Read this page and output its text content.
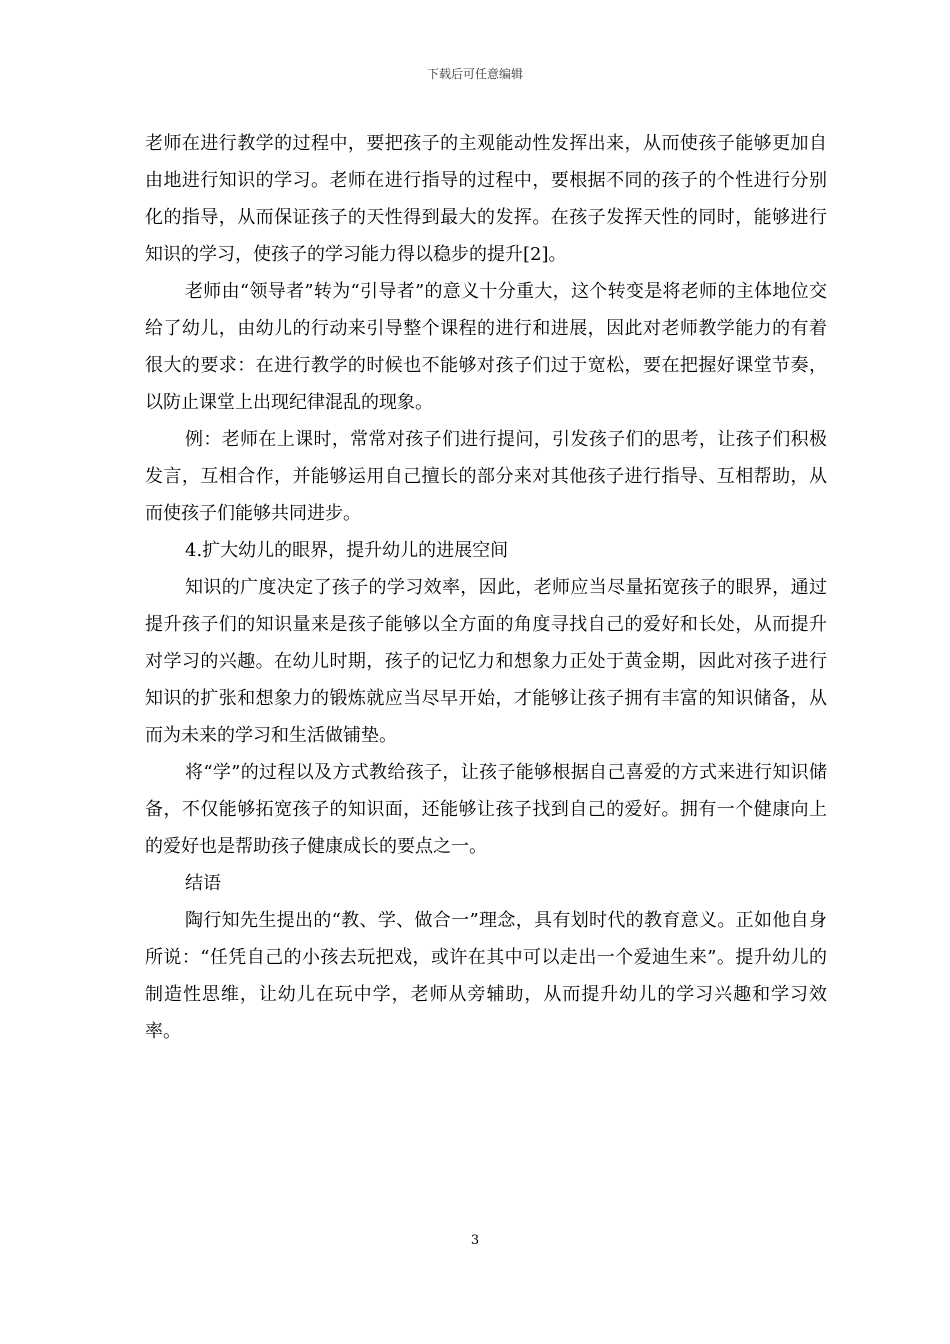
下载后可任意编辑

老师在进行教学的过程中，要把孩子的主观能动性发挥出来，从而使孩子能够更加自由地进行知识的学习。老师在进行指导的过程中，要根据不同的孩子的个性进行分别化的指导，从而保证孩子的天性得到最大的发挥。在孩子发挥天性的同时，能够进行知识的学习，使孩子的学习能力得以稳步的提升[2]。

老师由“领导者”转为“引导者”的意义十分重大，这个转变是将老师的主体地位交给了幼儿，由幼儿的行动来引导整个课程的进行和进展，因此对老师教学能力的有着很大的要求：在进行教学的时候也不能够对孩子们过于宽松，要在把握好课堂节奏，以防止课堂上出现纪律混乱的现象。

例：老师在上课时，常常对孩子们进行提问，引发孩子们的思考，让孩子们积极发言，互相合作，并能够运用自己擅长的部分来对其他孩子进行指导、互相帮助，从而使孩子们能够共同进步。

4.扩大幼儿的眼界，提升幼儿的进展空间

知识的广度决定了孩子的学习效率，因此，老师应当尽量拓宽孩子的眼界，通过提升孩子们的知识量来是孩子能够以全方面的角度寻找自己的爱好和长处，从而提升对学习的兴趣。在幼儿时期，孩子的记忆力和想象力正处于黄金期，因此对孩子进行知识的扩张和想象力的锻炼就应当尽早开始，才能够让孩子拥有丰富的知识储备，从而为未来的学习和生活做铺垫。

将“学”的过程以及方式教给孩子，让孩子能够根据自己喜爱的方式来进行知识储备，不仅能够拓宽孩子的知识面，还能够让孩子找到自己的爱好。拥有一个健康向上的爱好也是帮助孩子健康成长的要点之一。

结语

陶行知先生提出的“教、学、做合一”理念，具有划时代的教育意义。正如他自身所说：“任凭自己的小孩去玩把戏，或许在其中可以走出一个爱迪生来”。提升幼儿的制造性思维，让幼儿在玩中学，老师从旁辅助，从而提升幼儿的学习兴趣和学习效率。

3
